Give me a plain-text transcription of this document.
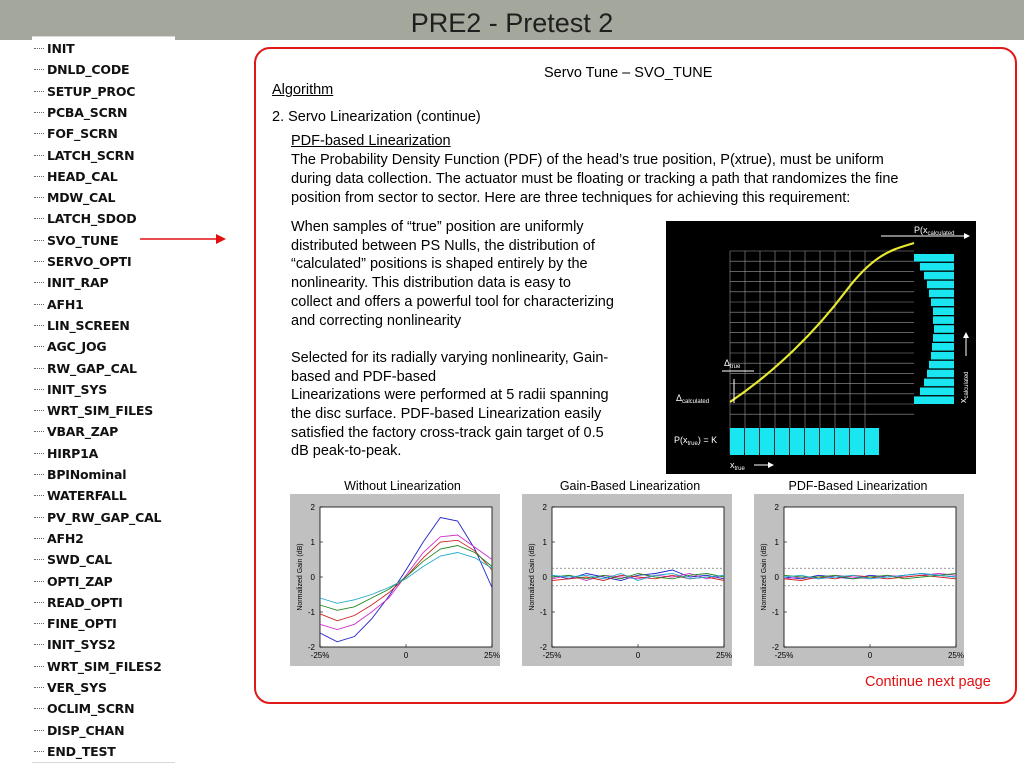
PRE2 - Pretest 2
INIT
DNLD_CODE
SETUP_PROC
PCBA_SCRN
FOF_SCRN
LATCH_SCRN
HEAD_CAL
MDW_CAL
LATCH_SDOD
SVO_TUNE
SERVO_OPTI
INIT_RAP
AFH1
LIN_SCREEN
AGC_JOG
RW_GAP_CAL
INIT_SYS
WRT_SIM_FILES
VBAR_ZAP
HIRP1A
BPINominal
WATERFALL
PV_RW_GAP_CAL
AFH2
SWD_CAL
OPTI_ZAP
READ_OPTI
FINE_OPTI
INIT_SYS2
WRT_SIM_FILES2
VER_SYS
OCLIM_SCRN
DISP_CHAN
END_TEST
Servo Tune – SVO_TUNE
Algorithm
2. Servo Linearization (continue)
PDF-based Linearization
The Probability Density Function (PDF) of the head’s true position, P(xtrue), must be uniform
during data collection. The actuator must be floating or tracking a path that randomizes the fine
position from sector to sector. Here are three techniques for achieving this requirement:
When samples of “true” position are uniformly
distributed between PS Nulls, the distribution of
“calculated” positions is shaped entirely by the
nonlinearity. This distribution data is easy to
collect and offers a powerful tool for characterizing
and correcting nonlinearity
Selected for its radially varying nonlinearity, Gain-
based and PDF-based
Linearizations were performed at 5 radii spanning
the disc surface. PDF-based Linearization easily
satisfied the factory cross-track gain target of 0.5
dB peak-to-peak.
$P(x_{calculated}$
$\Delta_{true}$
$\Delta_{calculated}$
$P(x_{true}) = K$
$x_{true}$
$x_{calculated}$
Without Linearization	Gain-Based Linearization	PDF-Based Linearization
2
1
0
-1
-2
-25%	0	25%
Normalized Gain (dB)
2
1
0
-1
-2
-25%	0	25%
Normalized Gain (dB)
2
1
0
-1
-2
-25%	0	25%
Normalized Gain (dB)
Continue next page
